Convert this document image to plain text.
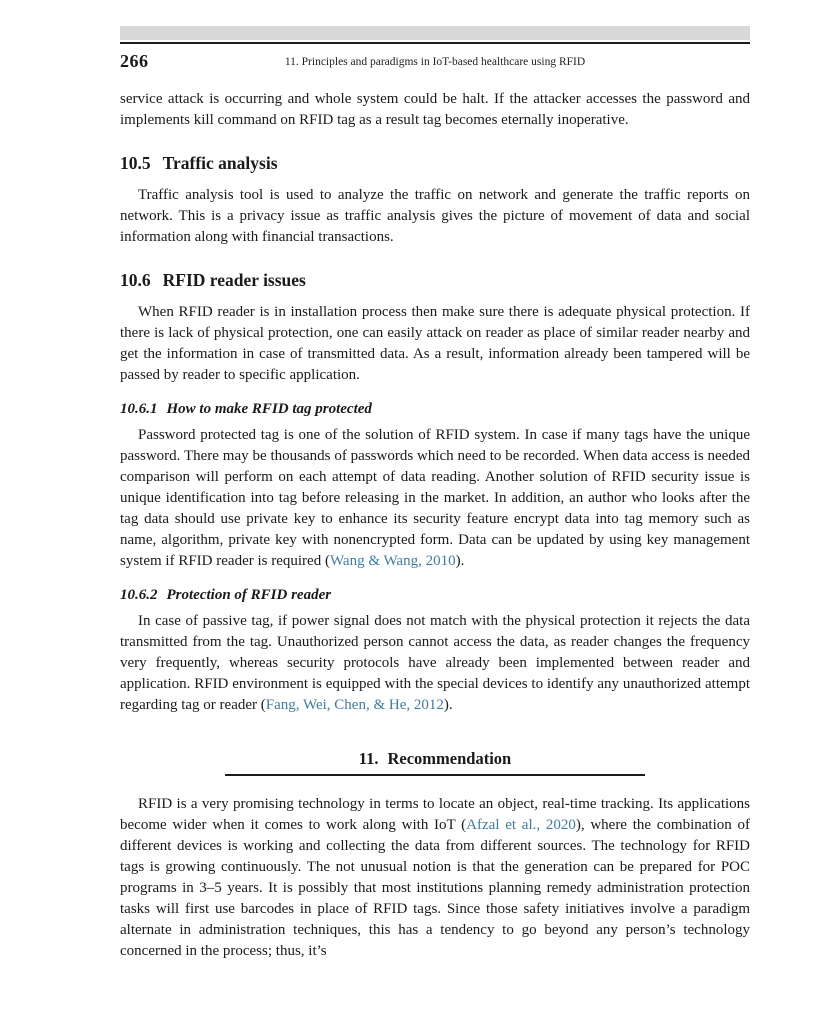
266	11. Principles and paradigms in IoT-based healthcare using RFID

service attack is occurring and whole system could be halt. If the attacker accesses the password and implements kill command on RFID tag as a result tag becomes eternally inoperative.

10.5 Traffic analysis

Traffic analysis tool is used to analyze the traffic on network and generate the traffic reports on network. This is a privacy issue as traffic analysis gives the picture of movement of data and social information along with financial transactions.

10.6 RFID reader issues

When RFID reader is in installation process then make sure there is adequate physical protection. If there is lack of physical protection, one can easily attack on reader as place of similar reader nearby and get the information in case of transmitted data. As a result, information already been tampered will be passed by reader to specific application.

10.6.1 How to make RFID tag protected

Password protected tag is one of the solution of RFID system. In case if many tags have the unique password. There may be thousands of passwords which need to be recorded. When data access is needed comparison will perform on each attempt of data reading. Another solution of RFID security issue is unique identification into tag before releasing in the market. In addition, an author who looks after the tag data should use private key to enhance its security feature encrypt data into tag memory such as name, algorithm, private key with nonencrypted form. Data can be updated by using key management system if RFID reader is required (Wang & Wang, 2010).

10.6.2 Protection of RFID reader

In case of passive tag, if power signal does not match with the physical protection it rejects the data transmitted from the tag. Unauthorized person cannot access the data, as reader changes the frequency very frequently, whereas security protocols have already been implemented between reader and application. RFID environment is equipped with the special devices to identify any unauthorized attempt regarding tag or reader (Fang, Wei, Chen, & He, 2012).

11. Recommendation

RFID is a very promising technology in terms to locate an object, real-time tracking. Its applications become wider when it comes to work along with IoT (Afzal et al., 2020), where the combination of different devices is working and collecting the data from different sources. The technology for RFID tags is growing continuously. The not unusual notion is that the generation can be prepared for POC programs in 3–5 years. It is possibly that most institutions planning remedy administration protection tasks will first use barcodes in place of RFID tags. Since those safety initiatives involve a paradigm alternate in administration techniques, this has a tendency to go beyond any person’s technology concerned in the process; thus, it’s
